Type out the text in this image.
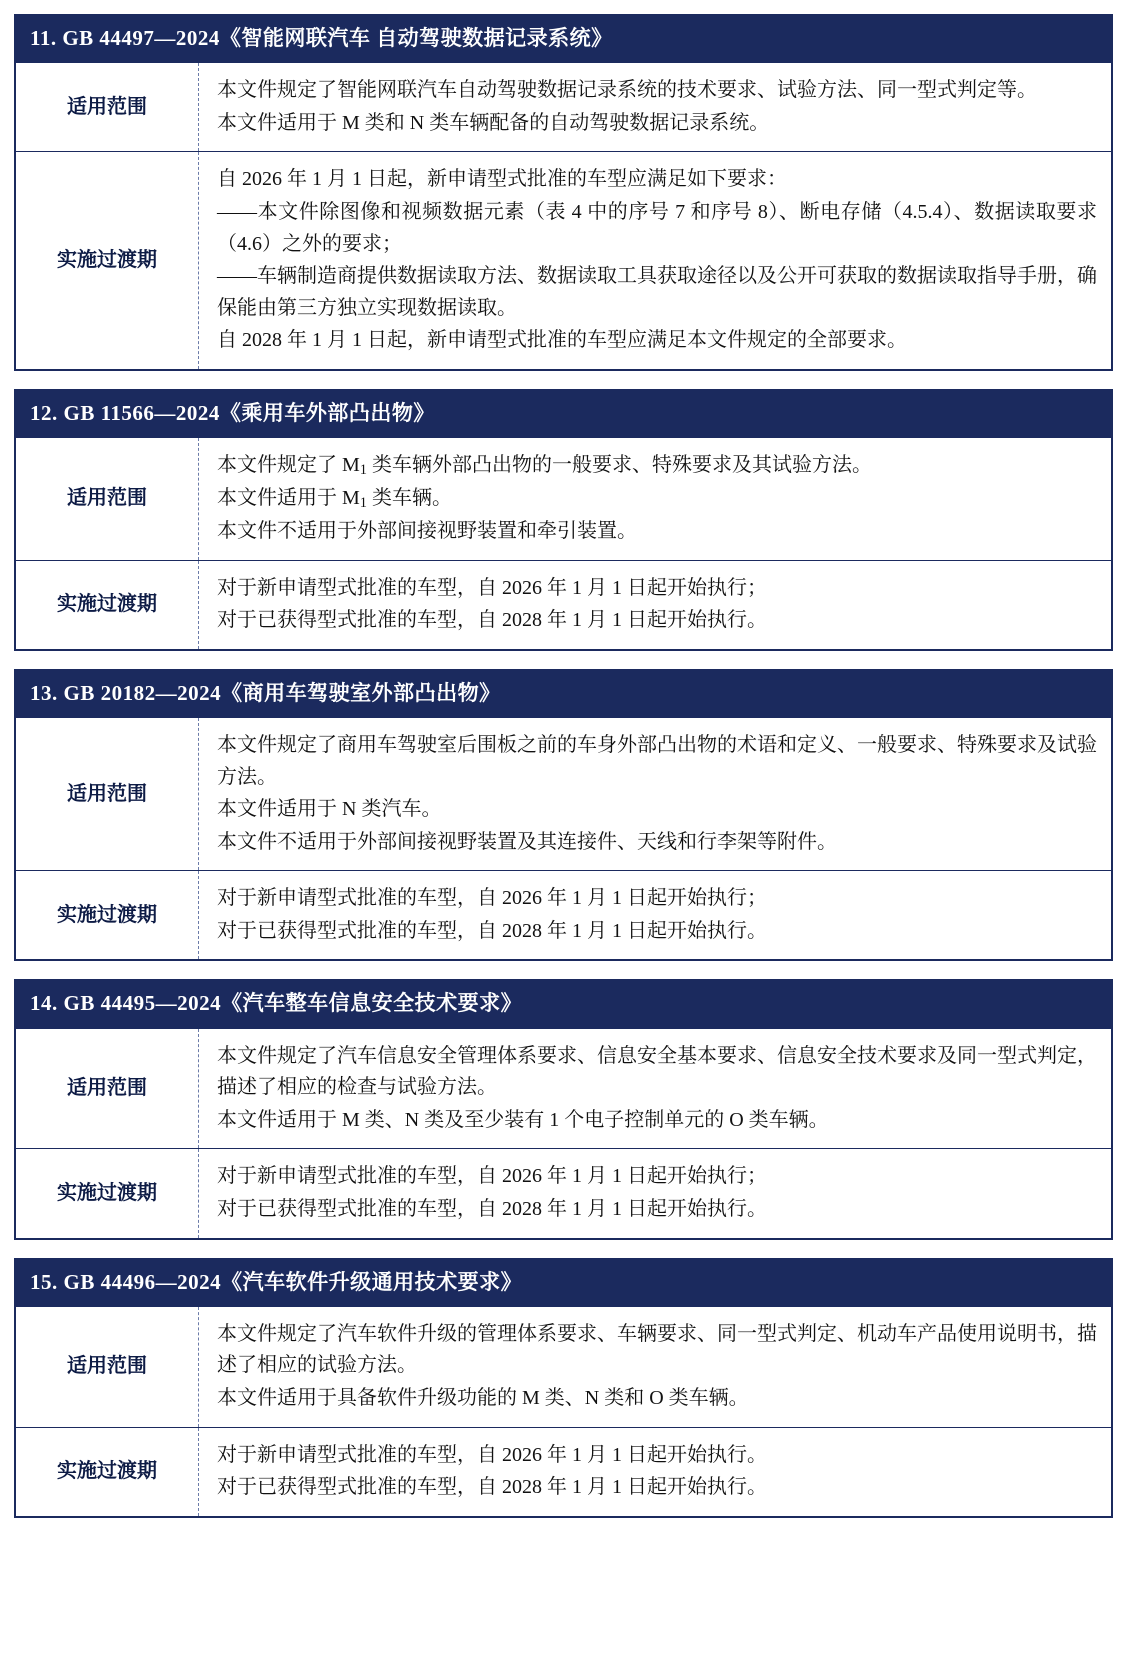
11. GB 44497—2024《智能网联汽车 自动驾驶数据记录系统》
适用范围

本文件规定了智能网联汽车自动驾驶数据记录系统的技术要求、试验方法、同一型式判定等。

本文件适用于 M 类和 N 类车辆配备的自动驾驶数据记录系统。

实施过渡期

自 2026 年 1 月 1 日起，新申请型式批准的车型应满足如下要求：

——本文件除图像和视频数据元素（表 4 中的序号 7 和序号 8）、断电存储（4.5.4）、数据读取要求（4.6）之外的要求；

——车辆制造商提供数据读取方法、数据读取工具获取途径以及公开可获取的数据读取指导手册，确保能由第三方独立实现数据读取。

自 2028 年 1 月 1 日起，新申请型式批准的车型应满足本文件规定的全部要求。

12. GB 11566—2024《乘用车外部凸出物》
适用范围

本文件规定了 $M_1$ 类车辆外部凸出物的一般要求、特殊要求及其试验方法。

本文件适用于 $M_1$ 类车辆。

本文件不适用于外部间接视野装置和牵引装置。

实施过渡期

对于新申请型式批准的车型，自 2026 年 1 月 1 日起开始执行；

对于已获得型式批准的车型，自 2028 年 1 月 1 日起开始执行。

13. GB 20182—2024《商用车驾驶室外部凸出物》
适用范围

本文件规定了商用车驾驶室后围板之前的车身外部凸出物的术语和定义、一般要求、特殊要求及试验方法。

本文件适用于 N 类汽车。

本文件不适用于外部间接视野装置及其连接件、天线和行李架等附件。

实施过渡期

对于新申请型式批准的车型，自 2026 年 1 月 1 日起开始执行；

对于已获得型式批准的车型，自 2028 年 1 月 1 日起开始执行。

14. GB 44495—2024《汽车整车信息安全技术要求》
适用范围

本文件规定了汽车信息安全管理体系要求、信息安全基本要求、信息安全技术要求及同一型式判定，描述了相应的检查与试验方法。

本文件适用于 M 类、N 类及至少装有 1 个电子控制单元的 O 类车辆。

实施过渡期

对于新申请型式批准的车型，自 2026 年 1 月 1 日起开始执行；

对于已获得型式批准的车型，自 2028 年 1 月 1 日起开始执行。

15. GB 44496—2024《汽车软件升级通用技术要求》
适用范围

本文件规定了汽车软件升级的管理体系要求、车辆要求、同一型式判定、机动车产品使用说明书，描述了相应的试验方法。

本文件适用于具备软件升级功能的 M 类、N 类和 O 类车辆。

实施过渡期

对于新申请型式批准的车型，自 2026 年 1 月 1 日起开始执行。

对于已获得型式批准的车型，自 2028 年 1 月 1 日起开始执行。
